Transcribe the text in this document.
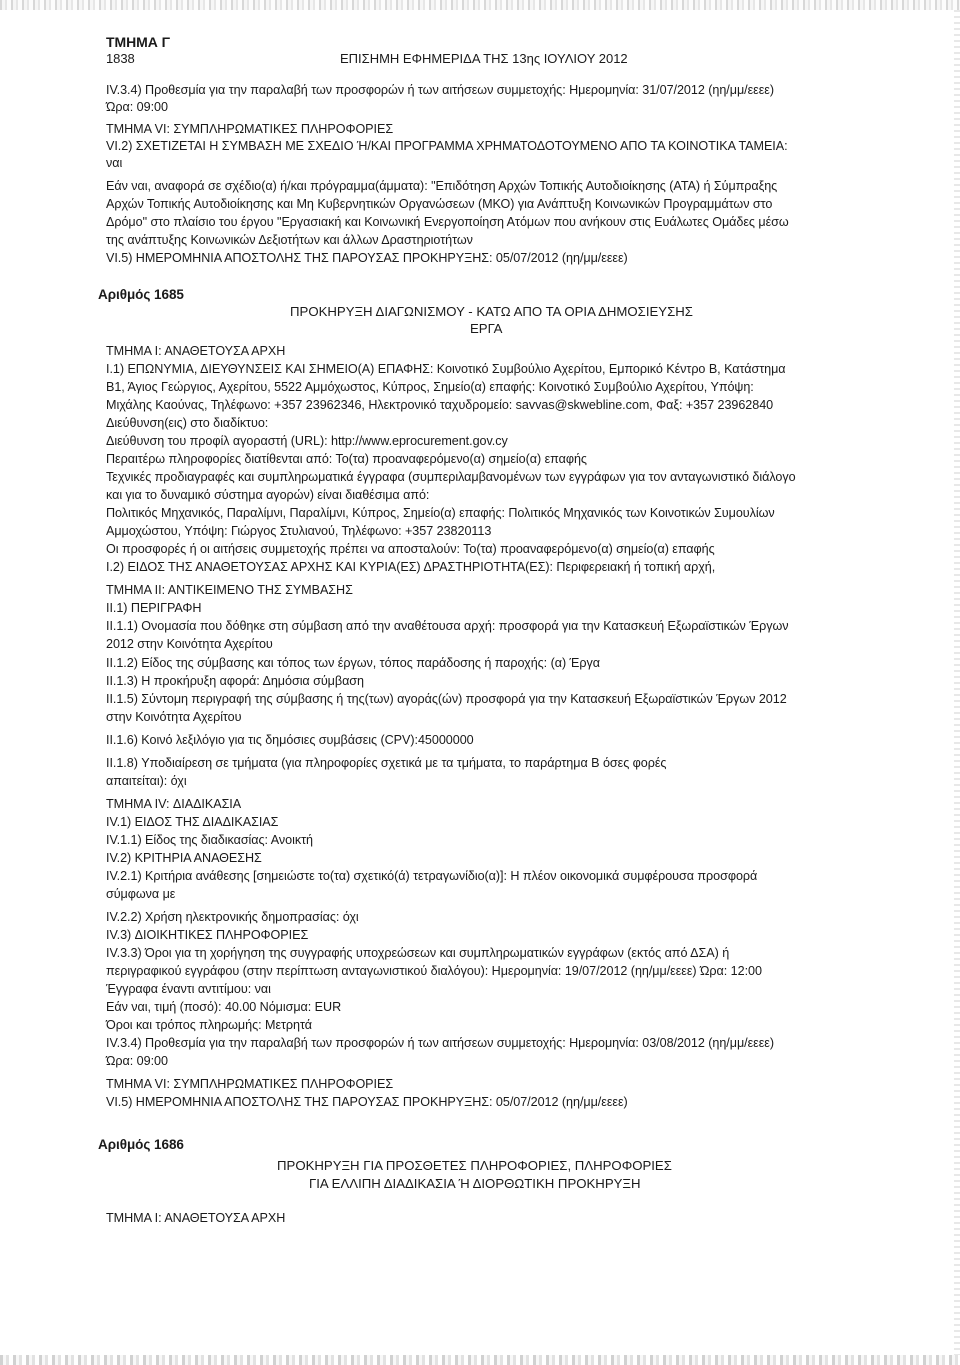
ΤΜΗΜΑ Γ
1838	ΕΠΙΣΗΜΗ ΕΦΗΜΕΡΙΔΑ ΤΗΣ 13ης ΙΟΥΛΙΟΥ 2012
IV.3.4) Προθεσμία για την παραλαβή των προσφορών ή των αιτήσεων συμμετοχής: Ημερομηνία: 31/07/2012 (ηη/μμ/εεεε)
Ώρα: 09:00
ΤΜΗΜΑ VI: ΣΥΜΠΛΗΡΩΜΑΤΙΚΕΣ ΠΛΗΡΟΦΟΡΙΕΣ
VI.2) ΣΧΕΤΙΖΕΤΑΙ Η ΣΥΜΒΑΣΗ ΜΕ ΣΧΕΔΙΟ Ή/ΚΑΙ ΠΡΟΓΡΑΜΜΑ ΧΡΗΜΑΤΟΔΟΤΟΥΜΕΝΟ ΑΠΟ ΤΑ ΚΟΙΝΟΤΙΚΑ ΤΑΜΕΙΑ:
ναι
Εάν ναι, αναφορά σε σχέδιο(α) ή/και πρόγραμμα(άμματα): "Επιδότηση Αρχών Τοπικής Αυτοδιοίκησης (ΑΤΑ) ή Σύμπραξης
Αρχών Τοπικής Αυτοδιοίκησης και Μη Κυβερνητικών Οργανώσεων (ΜΚΟ) για Ανάπτυξη Κοινωνικών Προγραμμάτων στο
Δρόμο" στο πλαίσιο του έργου "Εργασιακή και Κοινωνική Ενεργοποίηση Ατόμων που ανήκουν στις Ευάλωτες Ομάδες μέσω
της ανάπτυξης Κοινωνικών Δεξιοτήτων και άλλων Δραστηριοτήτων
VI.5) ΗΜΕΡΟΜΗΝΙΑ ΑΠΟΣΤΟΛΗΣ ΤΗΣ ΠΑΡΟΥΣΑΣ ΠΡΟΚΗΡΥΞΗΣ: 05/07/2012 (ηη/μμ/εεεε)
Αριθμός 1685
ΠΡΟΚΗΡΥΞΗ ΔΙΑΓΩΝΙΣΜΟΥ - ΚΑΤΩ ΑΠΟ ΤΑ ΟΡΙΑ ΔΗΜΟΣΙΕΥΣΗΣ
ΕΡΓΑ
ΤΜΗΜΑ Ι: ΑΝΑΘΕΤΟΥΣΑ ΑΡΧΗ
I.1) ΕΠΩΝΥΜΙΑ, ΔΙΕΥΘΥΝΣΕΙΣ ΚΑΙ ΣΗΜΕΙΟ(Α) ΕΠΑΦΗΣ: Κοινοτικό Συμβούλιο Αχερίτου, Εμπορικό Κέντρο Β, Κατάστημα
Β1, Άγιος Γεώργιος, Αχερίτου, 5522 Αμμόχωστος, Κύπρος, Σημείο(α) επαφής: Κοινοτικό Συμβούλιο Αχερίτου, Υπόψη:
Μιχάλης Καούνας, Τηλέφωνο: +357 23962346, Ηλεκτρονικό ταχυδρομείο: savvas@skwebline.com, Φαξ: +357 23962840
Διεύθυνση(εις) στο διαδίκτυο:
Διεύθυνση του προφίλ αγοραστή (URL): http://www.eprocurement.gov.cy
Περαιτέρω πληροφορίες διατίθενται από: Το(τα) προαναφερόμενο(α) σημείο(α) επαφής
Τεχνικές προδιαγραφές και συμπληρωματικά έγγραφα (συμπεριλαμβανομένων των εγγράφων για τον ανταγωνιστικό διάλογο
και για το δυναμικό σύστημα αγορών) είναι διαθέσιμα από:
Πολιτικός Μηχανικός, Παραλίμνι, Παραλίμνι, Κύπρος, Σημείο(α) επαφής: Πολιτικός Μηχανικός των Κοινοτικών Συμουλίων
Αμμοχώστου, Υπόψη: Γιώργος Στυλιανού, Τηλέφωνο: +357 23820113
Οι προσφορές ή οι αιτήσεις συμμετοχής πρέπει να αποσταλούν: Το(τα) προαναφερόμενο(α) σημείο(α) επαφής
I.2) ΕΙΔΟΣ ΤΗΣ ΑΝΑΘΕΤΟΥΣΑΣ ΑΡΧΗΣ ΚΑΙ ΚΥΡΙΑ(ΕΣ) ΔΡΑΣΤΗΡΙΟΤΗΤΑ(ΕΣ): Περιφερειακή ή τοπική αρχή,
ΤΜΗΜΑ ΙΙ: ΑΝΤΙΚΕΙΜΕΝΟ ΤΗΣ ΣΥΜΒΑΣΗΣ
II.1) ΠΕΡΙΓΡΑΦΗ
II.1.1) Ονομασία που δόθηκε στη σύμβαση από την αναθέτουσα αρχή: προσφορά για την Κατασκευή Εξωραϊστικών Έργων
2012 στην Κοινότητα Αχερίτου
II.1.2) Είδος της σύμβασης και τόπος των έργων, τόπος παράδοσης ή παροχής: (α) Έργα
II.1.3) Η προκήρυξη αφορά: Δημόσια σύμβαση
II.1.5) Σύντομη περιγραφή της σύμβασης ή της(των) αγοράς(ών) προσφορά για την Κατασκευή Εξωραϊστικών Έργων 2012
στην Κοινότητα Αχερίτου
II.1.6) Κοινό λεξιλόγιο για τις δημόσιες συμβάσεις (CPV):45000000
II.1.8) Υποδιαίρεση σε τμήματα (για πληροφορίες σχετικά με τα τμήματα, το παράρτημα Β όσες φορές
απαιτείται): όχι
ΤΜΗΜΑ IV: ΔΙΑΔΙΚΑΣΙΑ
IV.1) ΕΙΔΟΣ ΤΗΣ ΔΙΑΔΙΚΑΣΙΑΣ
IV.1.1) Είδος της διαδικασίας: Ανοικτή
IV.2) ΚΡΙΤΗΡΙΑ ΑΝΑΘΕΣΗΣ
IV.2.1) Κριτήρια ανάθεσης [σημειώστε το(τα) σχετικό(ά) τετραγωνίδιο(α)]: Η πλέον οικονομικά συμφέρουσα προσφορά
σύμφωνα με
IV.2.2) Χρήση ηλεκτρονικής δημοπρασίας: όχι
IV.3) ΔΙΟΙΚΗΤΙΚΕΣ ΠΛΗΡΟΦΟΡΙΕΣ
IV.3.3) Όροι για τη χορήγηση της συγγραφής υποχρεώσεων και συμπληρωματικών εγγράφων (εκτός από ΔΣΑ) ή
περιγραφικού εγγράφου (στην περίπτωση ανταγωνιστικού διαλόγου): Ημερομηνία: 19/07/2012 (ηη/μμ/εεεε) Ώρα: 12:00
Έγγραφα έναντι αντιτίμου: ναι
Εάν ναι, τιμή (ποσό): 40.00 Νόμισμα: EUR
Όροι και τρόπος πληρωμής: Μετρητά
IV.3.4) Προθεσμία για την παραλαβή των προσφορών ή των αιτήσεων συμμετοχής: Ημερομηνία: 03/08/2012 (ηη/μμ/εεεε)
Ώρα: 09:00
ΤΜΗΜΑ VI: ΣΥΜΠΛΗΡΩΜΑΤΙΚΕΣ ΠΛΗΡΟΦΟΡΙΕΣ
VI.5) ΗΜΕΡΟΜΗΝΙΑ ΑΠΟΣΤΟΛΗΣ ΤΗΣ ΠΑΡΟΥΣΑΣ ΠΡΟΚΗΡΥΞΗΣ: 05/07/2012 (ηη/μμ/εεεε)
Αριθμός 1686
ΠΡΟΚΗΡΥΞΗ ΓΙΑ ΠΡΟΣΘΕΤΕΣ ΠΛΗΡΟΦΟΡΙΕΣ, ΠΛΗΡΟΦΟΡΙΕΣ
ΓΙΑ ΕΛΛΙΠΗ ΔΙΑΔΙΚΑΣΙΑ Ή ΔΙΟΡΘΩΤΙΚΗ ΠΡΟΚΗΡΥΞΗ
ΤΜΗΜΑ Ι: ΑΝΑΘΕΤΟΥΣΑ ΑΡΧΗ
